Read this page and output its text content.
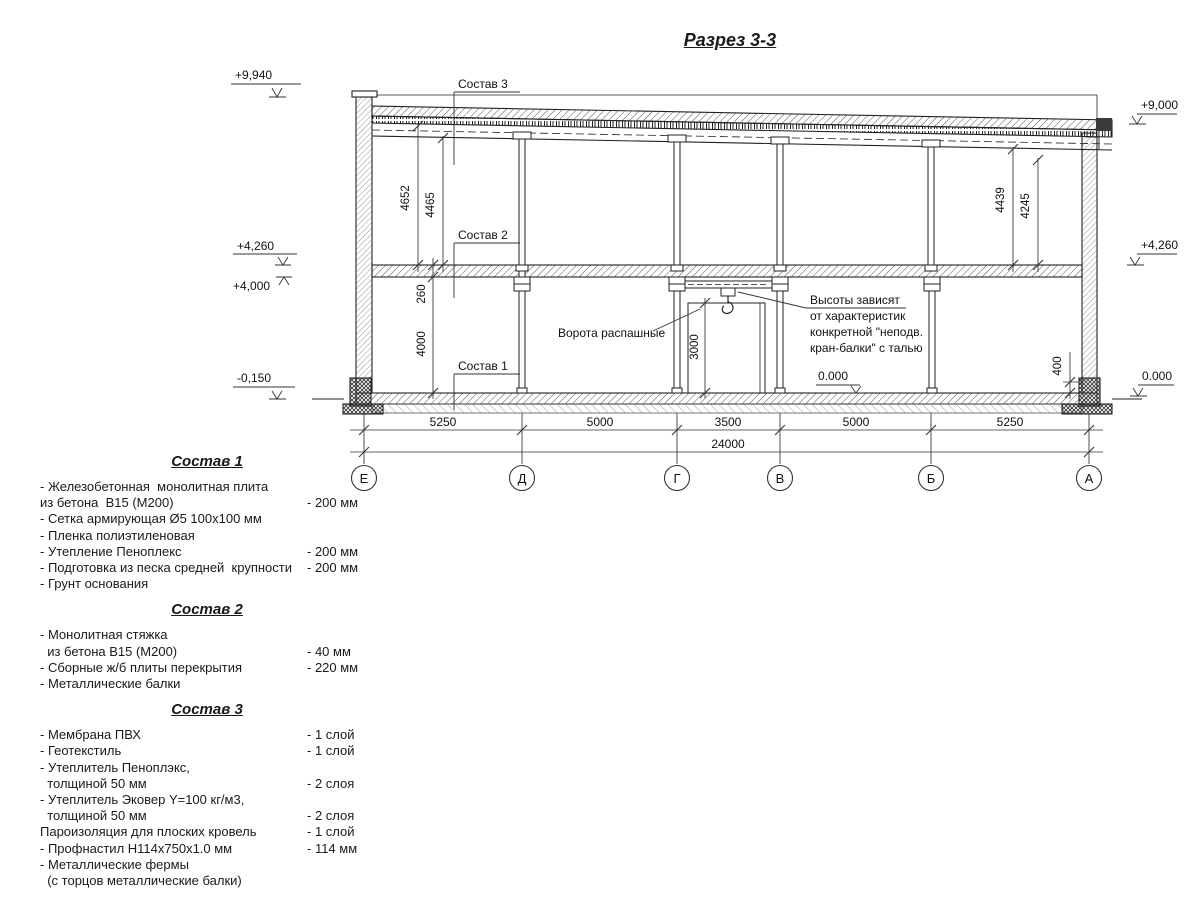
Разрез 3-3
4652 4465	4439 4245
260
4000	3000
400
5250	5000	3500	5000	5250
24000
Е	Д	Г	В	Б	А
+9,940
+4,260
+4,000
-0,150
+9,000
+4,260
0.000
0.000
Состав 3
Состав 2
Состав 1
Ворота распашные
Высоты зависят
от характеристик
конкретной "неподв.
кран-балки" с талью
Состав 1
- Железобетонная  монолитная плита
из бетона  В15 (М200)	- 200 мм
- Сетка армирующая Ø5 100х100 мм
- Пленка полиэтиленовая
- Утепление Пеноплекс	- 200 мм
- Подготовка из песка средней  крупности - 200 мм
- Грунт основания
Состав 2
- Монолитная стяжка
из бетона В15 (М200)	- 40 мм
- Сборные ж/б плиты перекрытия	- 220 мм
- Металлические балки
Состав 3
- Мембрана ПВХ	- 1 слой
- Геотекстиль	- 1 слой
- Утеплитель Пеноплэкс,
толщиной 50 мм	- 2 слоя
- Утеплитель Эковер Y=100 кг/м3,
толщиной 50 мм	- 2 слоя
Пароизоляция для плоских кровель	- 1 слой
- Профнастил Н114х750х1.0 мм	- 114 мм
- Металлические фермы
(с торцов металлические балки)
